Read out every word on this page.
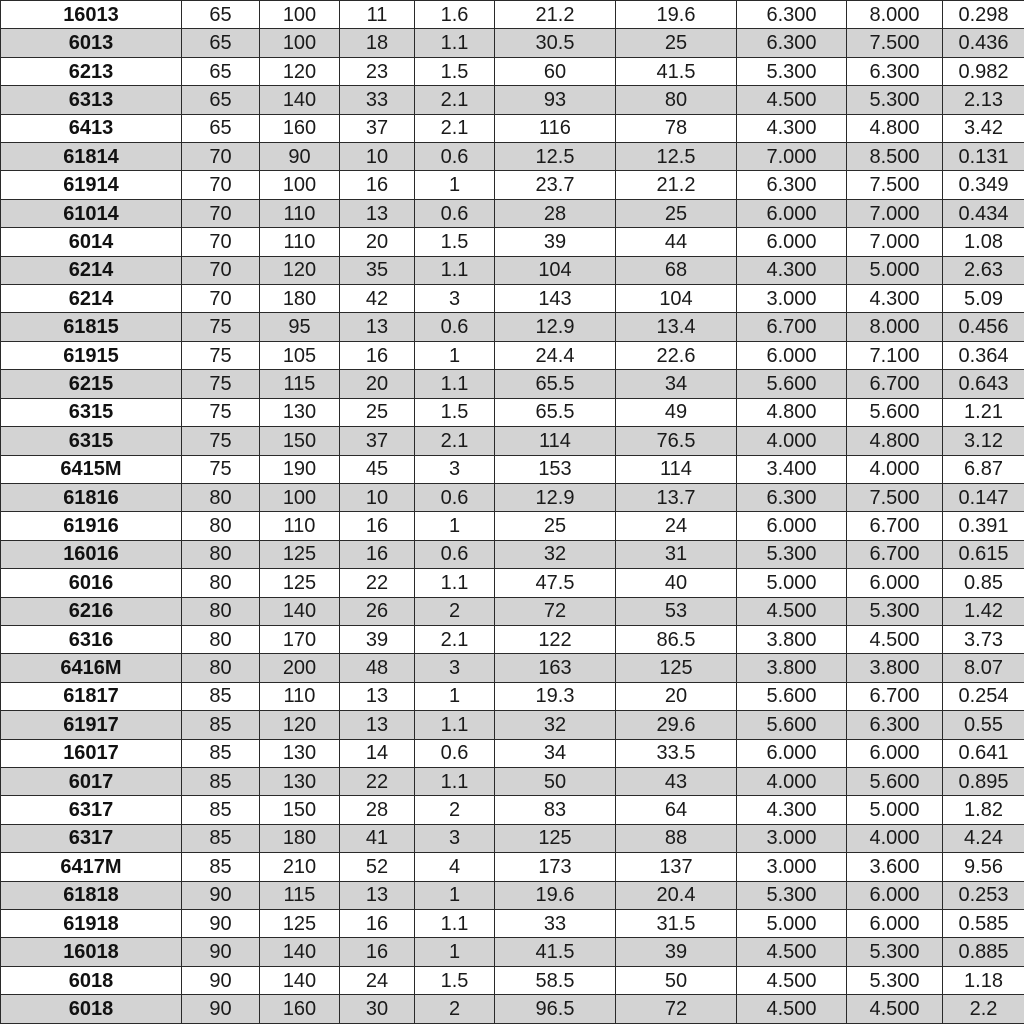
16013	65	100	11	1.6	21.2	19.6	6.300	8.000	0.298
6013	65	100	18	1.1	30.5	25	6.300	7.500	0.436
6213	65	120	23	1.5	60	41.5	5.300	6.300	0.982
6313	65	140	33	2.1	93	80	4.500	5.300	2.13
6413	65	160	37	2.1	116	78	4.300	4.800	3.42
61814	70	90	10	0.6	12.5	12.5	7.000	8.500	0.131
61914	70	100	16	1	23.7	21.2	6.300	7.500	0.349
61014	70	110	13	0.6	28	25	6.000	7.000	0.434
6014	70	110	20	1.5	39	44	6.000	7.000	1.08
6214	70	120	35	1.1	104	68	4.300	5.000	2.63
6214	70	180	42	3	143	104	3.000	4.300	5.09
61815	75	95	13	0.6	12.9	13.4	6.700	8.000	0.456
61915	75	105	16	1	24.4	22.6	6.000	7.100	0.364
6215	75	115	20	1.1	65.5	34	5.600	6.700	0.643
6315	75	130	25	1.5	65.5	49	4.800	5.600	1.21
6315	75	150	37	2.1	114	76.5	4.000	4.800	3.12
6415M	75	190	45	3	153	114	3.400	4.000	6.87
61816	80	100	10	0.6	12.9	13.7	6.300	7.500	0.147
61916	80	110	16	1	25	24	6.000	6.700	0.391
16016	80	125	16	0.6	32	31	5.300	6.700	0.615
6016	80	125	22	1.1	47.5	40	5.000	6.000	0.85
6216	80	140	26	2	72	53	4.500	5.300	1.42
6316	80	170	39	2.1	122	86.5	3.800	4.500	3.73
6416M	80	200	48	3	163	125	3.800	3.800	8.07
61817	85	110	13	1	19.3	20	5.600	6.700	0.254
61917	85	120	13	1.1	32	29.6	5.600	6.300	0.55
16017	85	130	14	0.6	34	33.5	6.000	6.000	0.641
6017	85	130	22	1.1	50	43	4.000	5.600	0.895
6317	85	150	28	2	83	64	4.300	5.000	1.82
6317	85	180	41	3	125	88	3.000	4.000	4.24
6417M	85	210	52	4	173	137	3.000	3.600	9.56
61818	90	115	13	1	19.6	20.4	5.300	6.000	0.253
61918	90	125	16	1.1	33	31.5	5.000	6.000	0.585
16018	90	140	16	1	41.5	39	4.500	5.300	0.885
6018	90	140	24	1.5	58.5	50	4.500	5.300	1.18
6018	90	160	30	2	96.5	72	4.500	4.500	2.2
